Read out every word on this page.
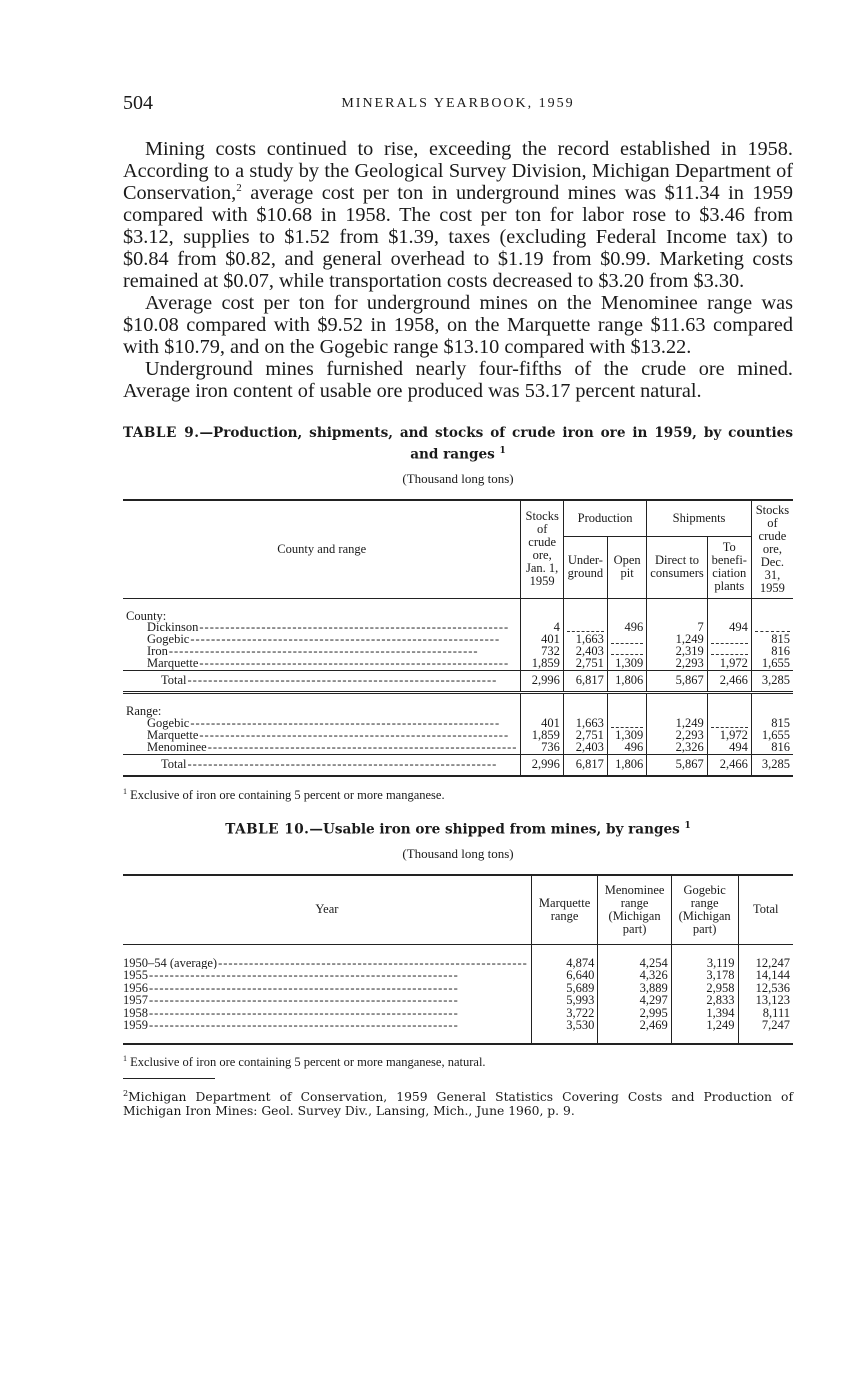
504	MINERALS YEARBOOK, 1959

Mining costs continued to rise, exceeding the record established in 1958. According to a study by the Geological Survey Division, Michigan Department of Conservation,$^2$ average cost per ton in underground mines was $11.34 in 1959 compared with $10.68 in 1958. The cost per ton for labor rose to $3.46 from $3.12, supplies to $1.52 from $1.39, taxes (excluding Federal Income tax) to $0.84 from $0.82, and general overhead to $1.19 from $0.99. Marketing costs remained at $0.07, while transportation costs decreased to $3.20 from $3.30.

Average cost per ton for underground mines on the Menominee range was $10.08 compared with $9.52 in 1958, on the Marquette range $11.63 compared with $10.79, and on the Gogebic range $13.10 compared with $13.22.

Underground mines furnished nearly four-fifths of the crude ore mined. Average iron content of usable ore produced was 53.17 percent natural.

TABLE 9.—Production, shipments, and stocks of crude iron ore in 1959, by counties and ranges $^1$
(Thousand long tons)
County and range	Stocks of crude ore, Jan. 1, 1959	Production		Shipments		Stocks of crude ore, Dec. 31, 1959
		Under-ground	Open pit	Direct to consumers	To benefi-ciation plants	

County:						

Dickinson ------------------------------------------------------------	4		496	7	494	

Gogebic ------------------------------------------------------------	401	1,663		1,249		815

Iron ------------------------------------------------------------	732	2,403		2,319		816

Marquette ------------------------------------------------------------	1,859	2,751	1,309	2,293	1,972	1,655

Total ------------------------------------------------------------	2,996	6,817	1,806	5,867	2,466	3,285

Range:						

Gogebic ------------------------------------------------------------	401	1,663		1,249		815

Marquette ------------------------------------------------------------	1,859	2,751	1,309	2,293	1,972	1,655

Menominee ------------------------------------------------------------	736	2,403	496	2,326	494	816

Total ------------------------------------------------------------	2,996	6,817	1,806	5,867	2,466	3,285
$^1$ Exclusive of iron ore containing 5 percent or more manganese.
TABLE 10.—Usable iron ore shipped from mines, by ranges $^1$
(Thousand long tons)
Year	Marquette range	Menominee range (Michigan part)	Gogebic range (Michigan part)	Total

1950–54 (average) ------------------------------------------------------------	4,874	4,254	3,119	12,247

1955 ------------------------------------------------------------	6,640	4,326	3,178	14,144

1956 ------------------------------------------------------------	5,689	3,889	2,958	12,536

1957 ------------------------------------------------------------	5,993	4,297	2,833	13,123

1958 ------------------------------------------------------------	3,722	2,995	1,394	8,111

1959 ------------------------------------------------------------	3,530	2,469	1,249	7,247

$^1$ Exclusive of iron ore containing 5 percent or more manganese, natural.
$^2$Michigan Department of Conservation, 1959 General Statistics Covering Costs and Production of Michigan Iron Mines: Geol. Survey Div., Lansing, Mich., June 1960, p. 9.
